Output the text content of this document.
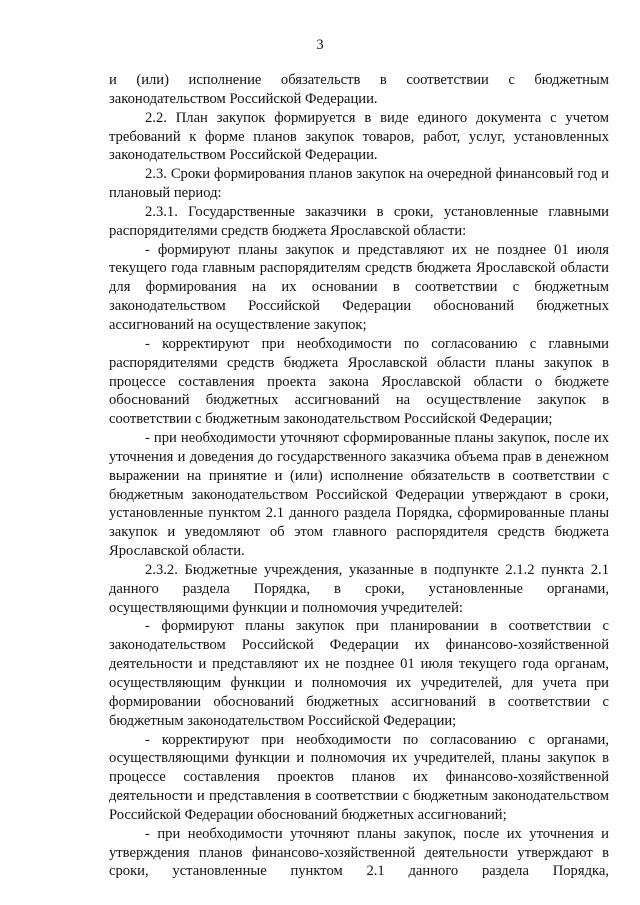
3

и (или) исполнение обязательств в соответствии с бюджетным законодательством Российской Федерации.

2.2. План закупок формируется в виде единого документа с учетом требований к форме планов закупок товаров, работ, услуг, установленных законодательством Российской Федерации.

2.3. Сроки формирования планов закупок на очередной финансовый год и плановый период:

2.3.1. Государственные заказчики в сроки, установленные главными распорядителями средств бюджета Ярославской области:

- формируют планы закупок и представляют их не позднее 01 июля текущего года главным распорядителям средств бюджета Ярославской области для формирования на их основании в соответствии с бюджетным законодательством Российской Федерации обоснований бюджетных ассигнований на осуществление закупок;

- корректируют при необходимости по согласованию с главными распорядителями средств бюджета Ярославской области планы закупок в процессе составления проекта закона Ярославской области о бюджете обоснований бюджетных ассигнований на осуществление закупок в соответствии с бюджетным законодательством Российской Федерации;

- при необходимости уточняют сформированные планы закупок, после их уточнения и доведения до государственного заказчика объема прав в денежном выражении на принятие и (или) исполнение обязательств в соответствии с бюджетным законодательством Российской Федерации утверждают в сроки, установленные пунктом 2.1 данного раздела Порядка, сформированные планы закупок и уведомляют об этом главного распорядителя средств бюджета Ярославской области.

2.3.2. Бюджетные учреждения, указанные в подпункте 2.1.2 пункта 2.1 данного раздела Порядка, в сроки, установленные органами, осуществляющими функции и полномочия учредителей:

- формируют планы закупок при планировании в соответствии с законодательством Российской Федерации их финансово-хозяйственной деятельности и представляют их не позднее 01 июля текущего года органам, осуществляющим функции и полномочия их учредителей, для учета при формировании обоснований бюджетных ассигнований в соответствии с бюджетным законодательством Российской Федерации;

- корректируют при необходимости по согласованию с органами, осуществляющими функции и полномочия их учредителей, планы закупок в процессе составления проектов планов их финансово-хозяйственной деятельности и представления в соответствии с бюджетным законодательством Российской Федерации обоснований бюджетных ассигнований;

- при необходимости уточняют планы закупок, после их уточнения и утверждения планов финансово-хозяйственной деятельности утверждают в сроки, установленные пунктом 2.1 данного раздела Порядка,
